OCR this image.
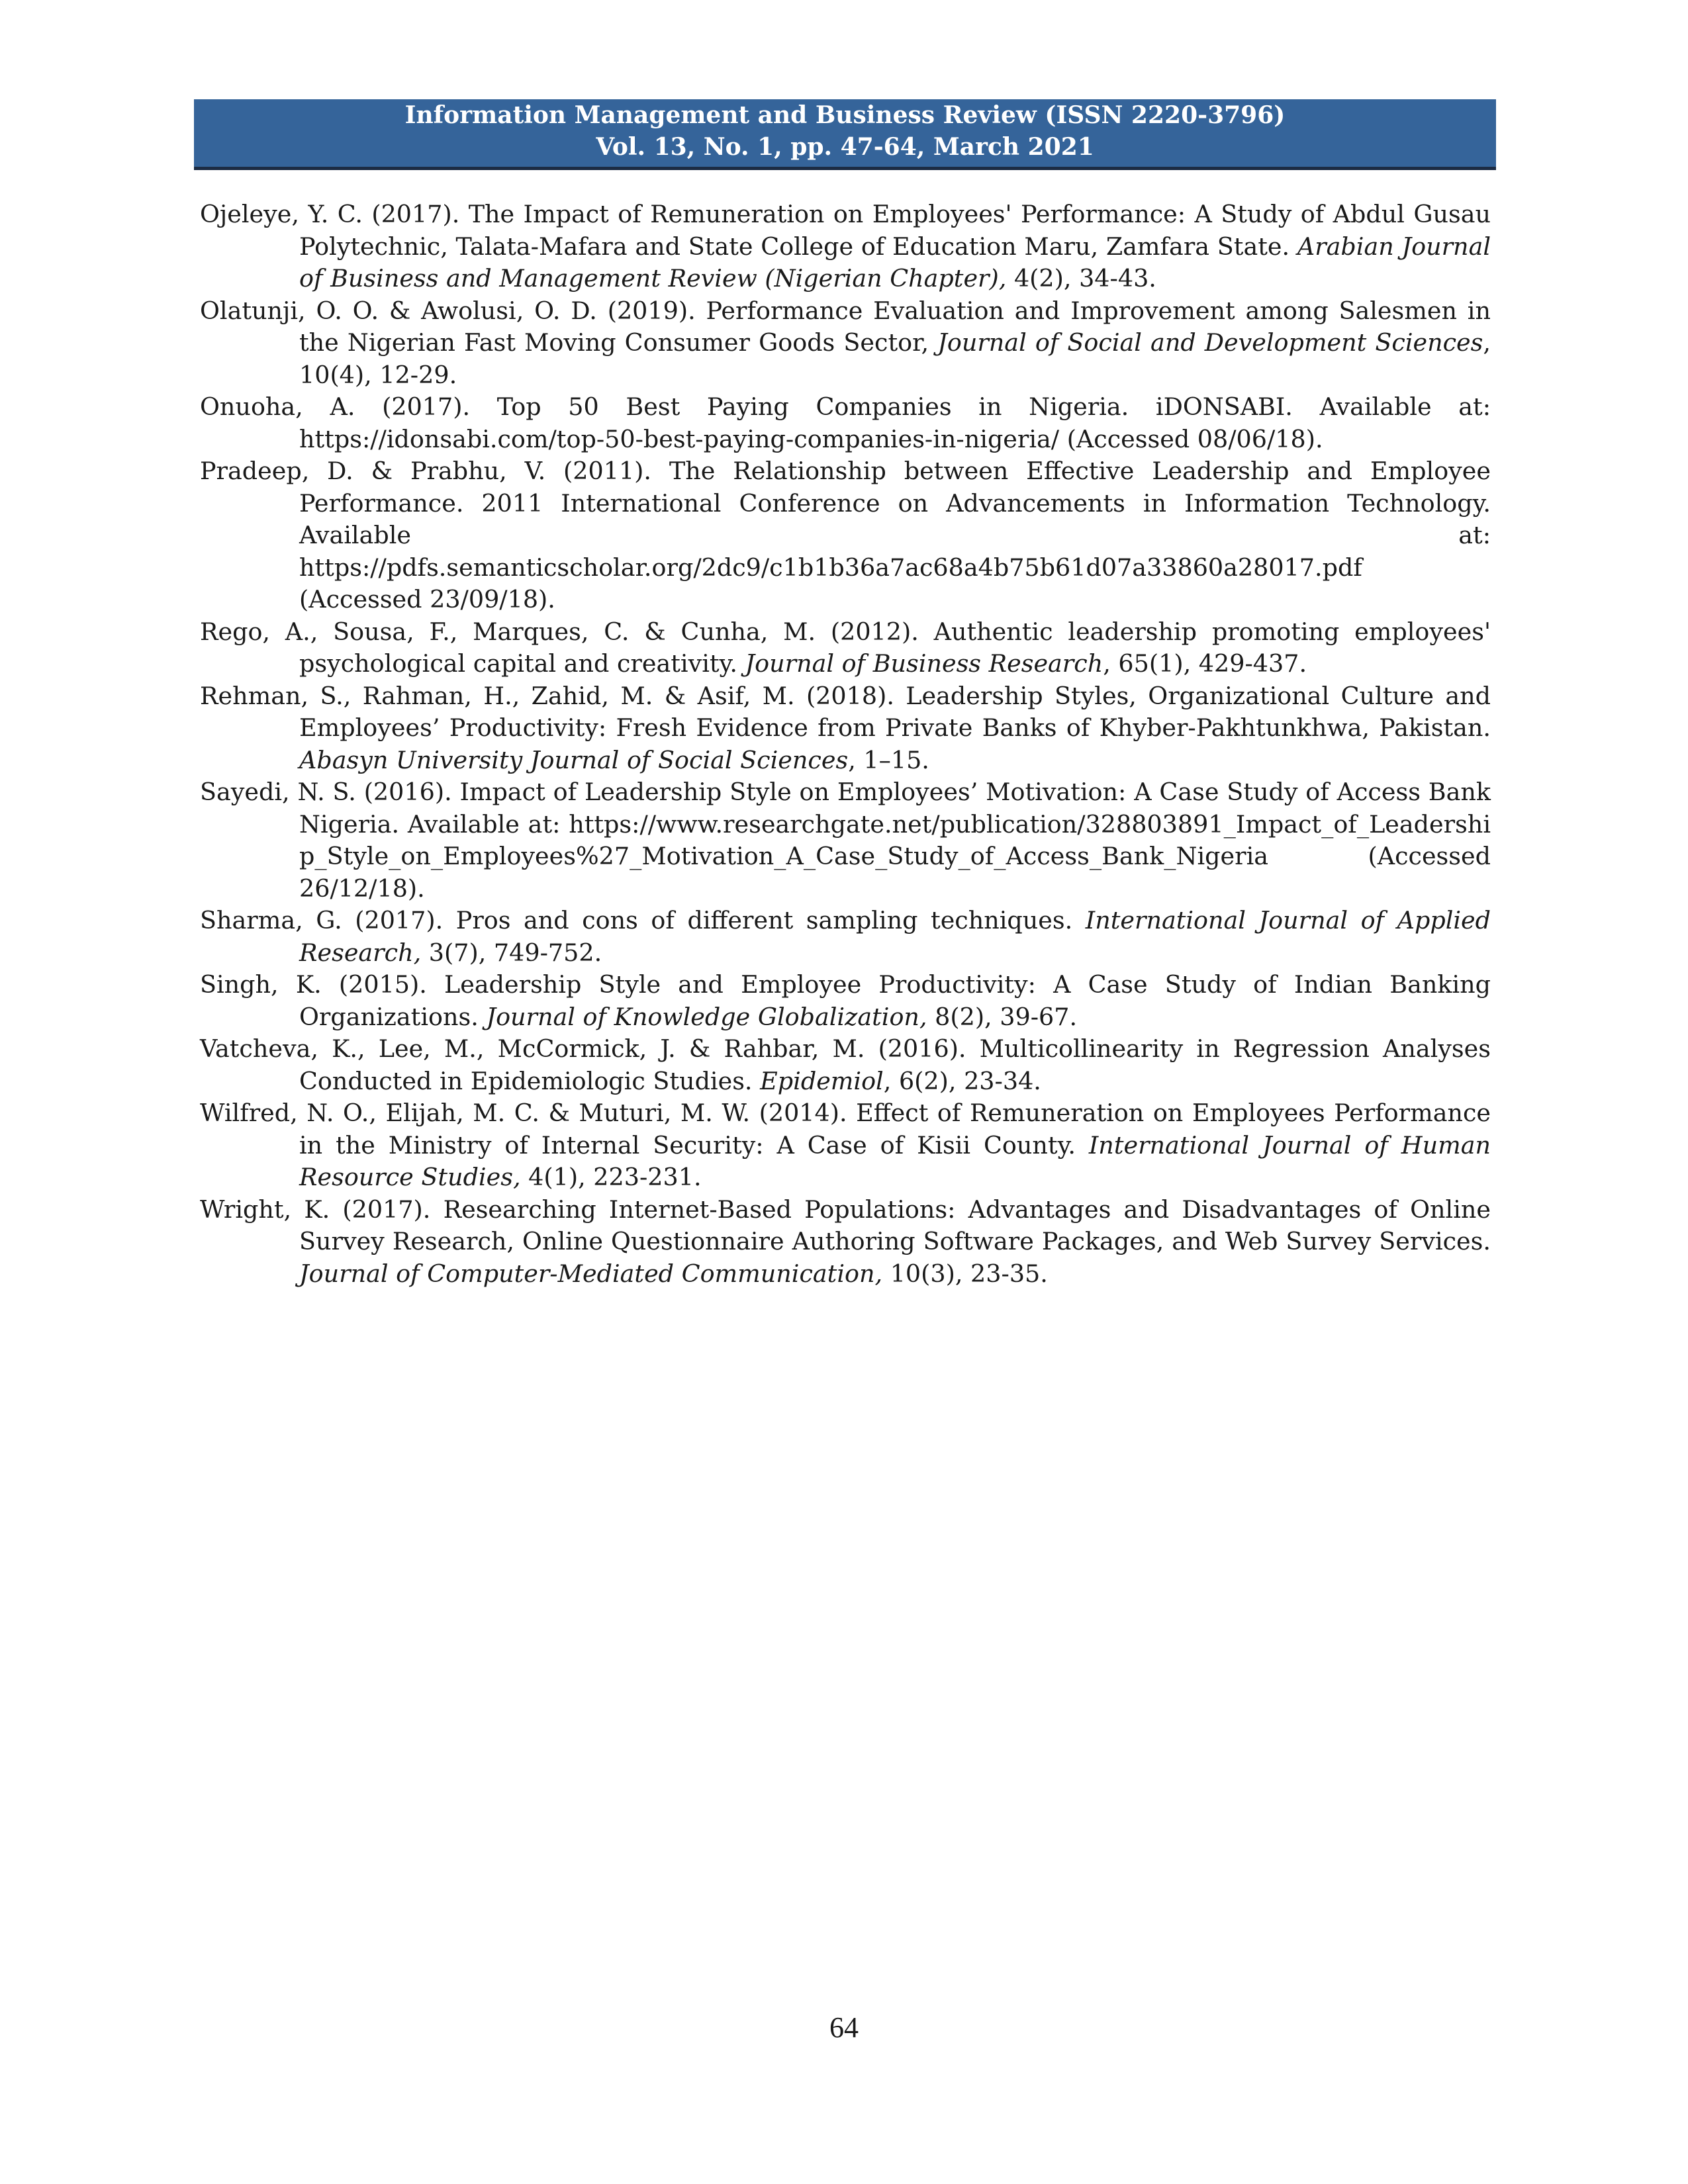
Information Management and Business Review (ISSN 2220-3796)
Vol. 13, No. 1, pp. 47-64, March 2021

Ojeleye, Y. C. (2017). The Impact of Remuneration on Employees' Performance: A Study of Abdul Gusau Polytechnic, Talata-Mafara and State College of Education Maru, Zamfara State. Arabian Journal of Business and Management Review (Nigerian Chapter), 4(2), 34-43.

Olatunji, O. O. & Awolusi, O. D. (2019). Performance Evaluation and Improvement among Salesmen in the Nigerian Fast Moving Consumer Goods Sector, Journal of Social and Development Sciences, 10(4), 12-29.

Onuoha, A. (2017). Top 50 Best Paying Companies in Nigeria. iDONSABI. Available at: https://idonsabi.com/top-50-best-paying-companies-in-nigeria/ (Accessed 08/06/18).

Pradeep, D. & Prabhu, V. (2011). The Relationship between Effective Leadership and Employee Performance. 2011 International Conference on Advancements in Information Technology. Available at: https://pdfs.semanticscholar.org/2dc9/c1b1b36a7ac68a4b75b61d07a33860a28017.pdf (Accessed 23/09/18).

Rego, A., Sousa, F., Marques, C. & Cunha, M. (2012). Authentic leadership promoting employees' psychological capital and creativity. Journal of Business Research, 65(1), 429-437.

Rehman, S., Rahman, H., Zahid, M. & Asif, M. (2018). Leadership Styles, Organizational Culture and Employees’ Productivity: Fresh Evidence from Private Banks of Khyber-Pakhtunkhwa, Pakistan. Abasyn University Journal of Social Sciences, 1–15.

Sayedi, N. S. (2016). Impact of Leadership Style on Employees’ Motivation: A Case Study of Access Bank Nigeria. Available at: https://www.researchgate.net/publication/328803891_Impact_of_Leadership_Style_on_Employees%27_Motivation_A_Case_Study_of_Access_Bank_Nigeria (Accessed 26/12/18).

Sharma, G. (2017). Pros and cons of different sampling techniques. International Journal of Applied Research, 3(7), 749-752.

Singh, K. (2015). Leadership Style and Employee Productivity: A Case Study of Indian Banking Organizations. Journal of Knowledge Globalization, 8(2), 39-67.

Vatcheva, K., Lee, M., McCormick, J. & Rahbar, M. (2016). Multicollinearity in Regression Analyses Conducted in Epidemiologic Studies. Epidemiol, 6(2), 23-34.

Wilfred, N. O., Elijah, M. C. & Muturi, M. W. (2014). Effect of Remuneration on Employees Performance in the Ministry of Internal Security: A Case of Kisii County. International Journal of Human Resource Studies, 4(1), 223-231.

Wright, K. (2017). Researching Internet-Based Populations: Advantages and Disadvantages of Online Survey Research, Online Questionnaire Authoring Software Packages, and Web Survey Services. Journal of Computer-Mediated Communication, 10(3), 23-35.

64
